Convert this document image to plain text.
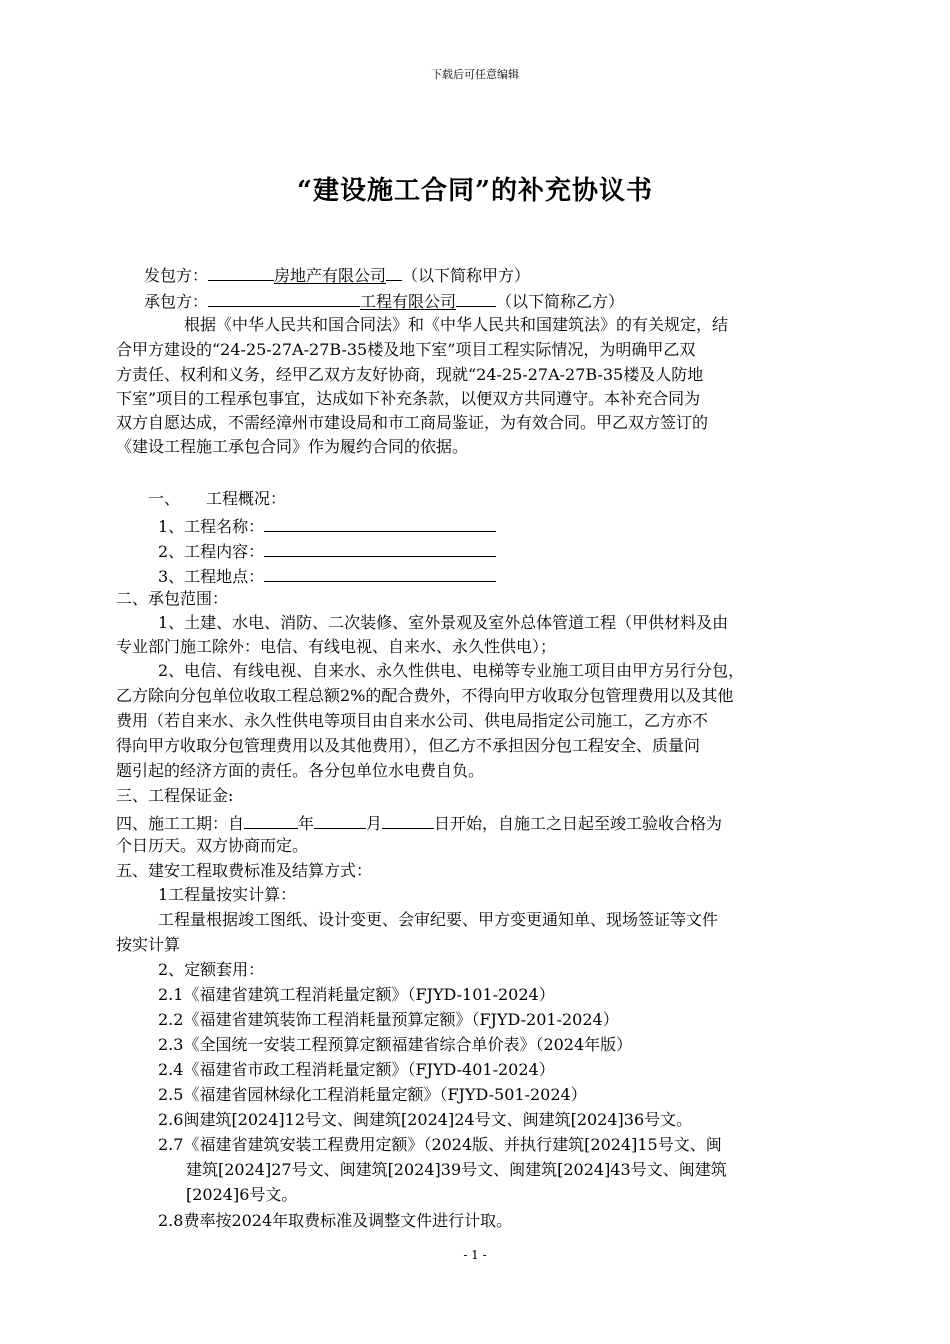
下载后可任意编辑
“建设施工合同”的补充协议书
发包方：	房地产有限公司 （以下简称甲方）
承包方：	工程有限公司	（以下简称乙方）
根据《中华人民共和国合同法》和《中华人民共和国建筑法》的有关规定，结
合甲方建设的“24-25-27A-27B-35楼及地下室”项目工程实际情况，为明确甲乙双
方责任、权利和义务，经甲乙双方友好协商，现就“24-25-27A-27B-35楼及人防地
下室”项目的工程承包事宜，达成如下补充条款，以便双方共同遵守。本补充合同为
双方自愿达成，不需经漳州市建设局和市工商局鉴证，为有效合同。甲乙双方签订的
《建设工程施工承包合同》作为履约合同的依据。
一、 工程概况：
1、工程名称：
2、工程内容：
3、工程地点：
二、承包范围：
1、土建、水电、消防、二次装修、室外景观及室外总体管道工程（甲供材料及由
专业部门施工除外：电信、有线电视、自来水、永久性供电）；
2、电信、有线电视、自来水、永久性供电、电梯等专业施工项目由甲方另行分包，
乙方除向分包单位收取工程总额2%的配合费外，不得向甲方收取分包管理费用以及其他
费用（若自来水、永久性供电等项目由自来水公司、供电局指定公司施工，乙方亦不
得向甲方收取分包管理费用以及其他费用），但乙方不承担因分包工程安全、质量问
题引起的经济方面的责任。各分包单位水电费自负。
三、工程保证金:
四、施工工期：自	年	月	日开始，自施工之日起至竣工验收合格为
个日历天。双方协商而定。
五、建安工程取费标准及结算方式：
1工程量按实计算：
工程量根据竣工图纸、设计变更、会审纪要、甲方变更通知单、现场签证等文件
按实计算
2、定额套用：
2.1《福建省建筑工程消耗量定额》（FJYD-101-2024）
2.2《福建省建筑装饰工程消耗量预算定额》（FJYD-201-2024）
2.3《全国统一安装工程预算定额福建省综合单价表》（2024年版）
2.4《福建省市政工程消耗量定额》（FJYD-401-2024）
2.5《福建省园林绿化工程消耗量定额》（FJYD-501-2024）
2.6闽建筑[2024]12号文、闽建筑[2024]24号文、闽建筑[2024]36号文。
2.7《福建省建筑安装工程费用定额》（2024版、并执行建筑[2024]15号文、闽
建筑[2024]27号文、闽建筑[2024]39号文、闽建筑[2024]43号文、闽建筑
[2024]6号文。
2.8费率按2024年取费标准及调整文件进行计取。
- 1 -
